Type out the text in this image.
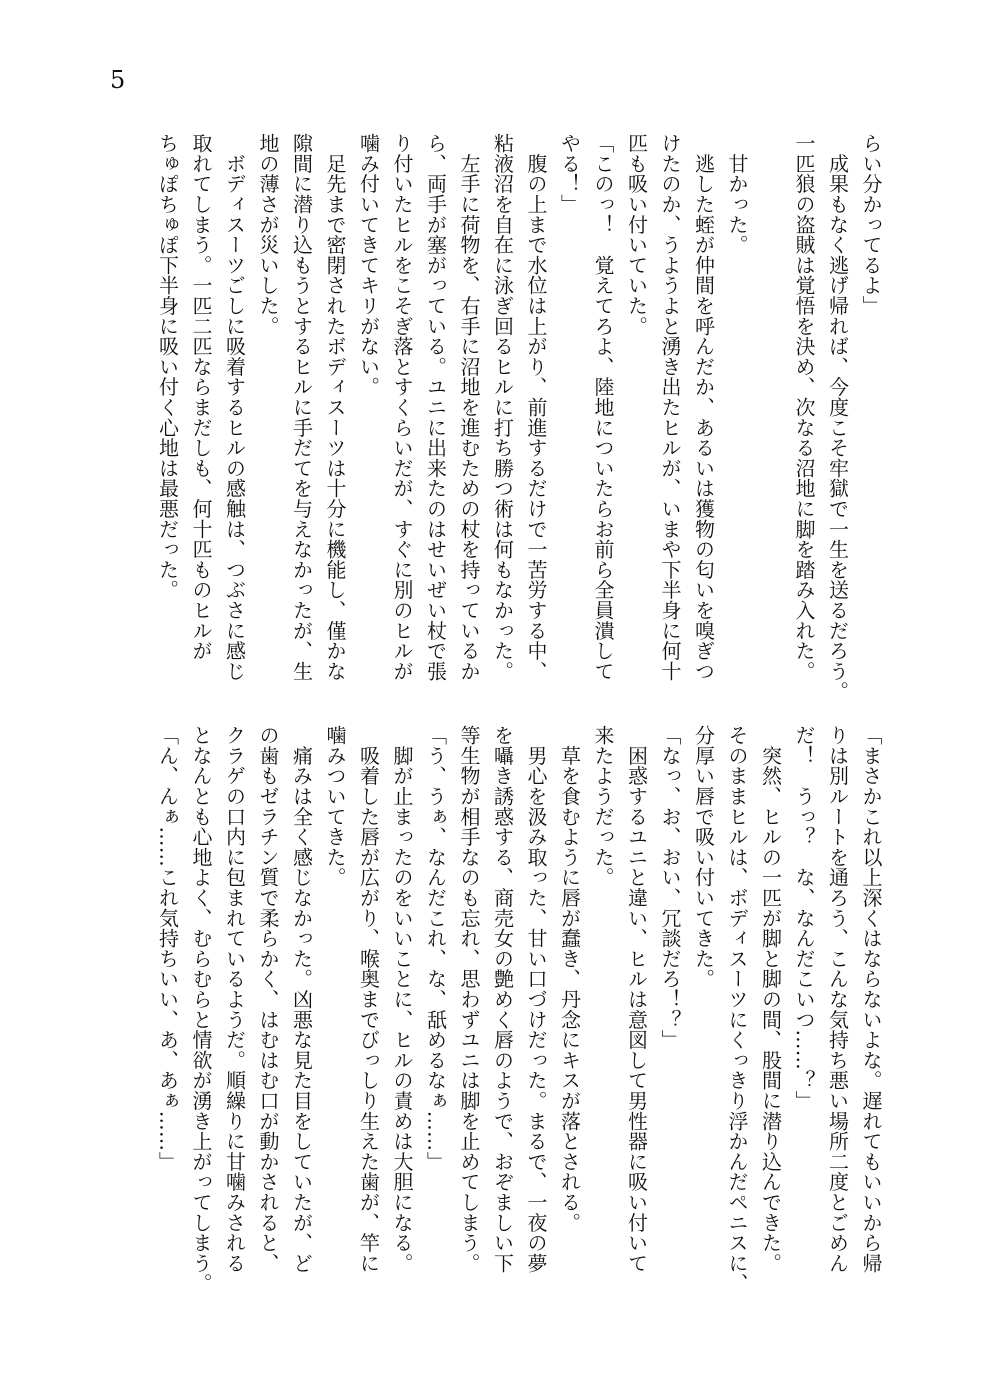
5
らい分かってるよ」
　成果もなく逃げ帰れば、今度こそ牢獄で一生を送るだろう。
一匹狼の盗賊は覚悟を決め、次なる沼地に脚を踏み入れた。

　甘かった。
　逃した蛭が仲間を呼んだか、あるいは獲物の匂いを嗅ぎつ
けたのか、うようよと湧き出たヒルが、いまや下半身に何十
匹も吸い付いていた。
「このっ！　覚えてろよ、陸地についたらお前ら全員潰して
やる！」
　腹の上まで水位は上がり、前進するだけで一苦労する中、
粘液沼を自在に泳ぎ回るヒルに打ち勝つ術は何もなかった。
　左手に荷物を、右手に沼地を進むための杖を持っているか
ら、両手が塞がっている。ユニに出来たのはせいぜい杖で張
り付いたヒルをこそぎ落とすくらいだが、すぐに別のヒルが
噛み付いてきてキリがない。
　足先まで密閉されたボディスーツは十分に機能し、僅かな
隙間に潜り込もうとするヒルに手だてを与えなかったが、生
地の薄さが災いした。
　ボディスーツごしに吸着するヒルの感触は、つぶさに感じ
取れてしまう。一匹二匹ならまだしも、何十匹ものヒルが
ちゅぽちゅぽ下半身に吸い付く心地は最悪だった。
「まさかこれ以上深くはならないよな。遅れてもいいから帰
りは別ルートを通ろう、こんな気持ち悪い場所二度とごめん
だ！　うっ？　な、なんだこいつ……？」
　突然、ヒルの一匹が脚と脚の間、股間に潜り込んできた。
そのままヒルは、ボディスーツにくっきり浮かんだペニスに、
分厚い唇で吸い付いてきた。
「なっ、お、おい、冗談だろ！？」
　困惑するユニと違い、ヒルは意図して男性器に吸い付いて
来たようだった。
　草を食むように唇が蠢き、丹念にキスが落とされる。
　男心を汲み取った、甘い口づけだった。まるで、一夜の夢
を囁き誘惑する、商売女の艶めく唇のようで、おぞましい下
等生物が相手なのも忘れ、思わずユニは脚を止めてしまう。
「う、うぁ、なんだこれ、な、舐めるなぁ……」
　脚が止まったのをいいことに、ヒルの責めは大胆になる。
　吸着した唇が広がり、喉奥までびっしり生えた歯が、竿に
噛みついてきた。
　痛みは全く感じなかった。凶悪な見た目をしていたが、ど
の歯もゼラチン質で柔らかく、はむはむ口が動かされると、
クラゲの口内に包まれているようだ。順繰りに甘噛みされる
となんとも心地よく、むらむらと情欲が湧き上がってしまう。
「ん、んぁ……これ気持ちいい、あ、あぁ……」
